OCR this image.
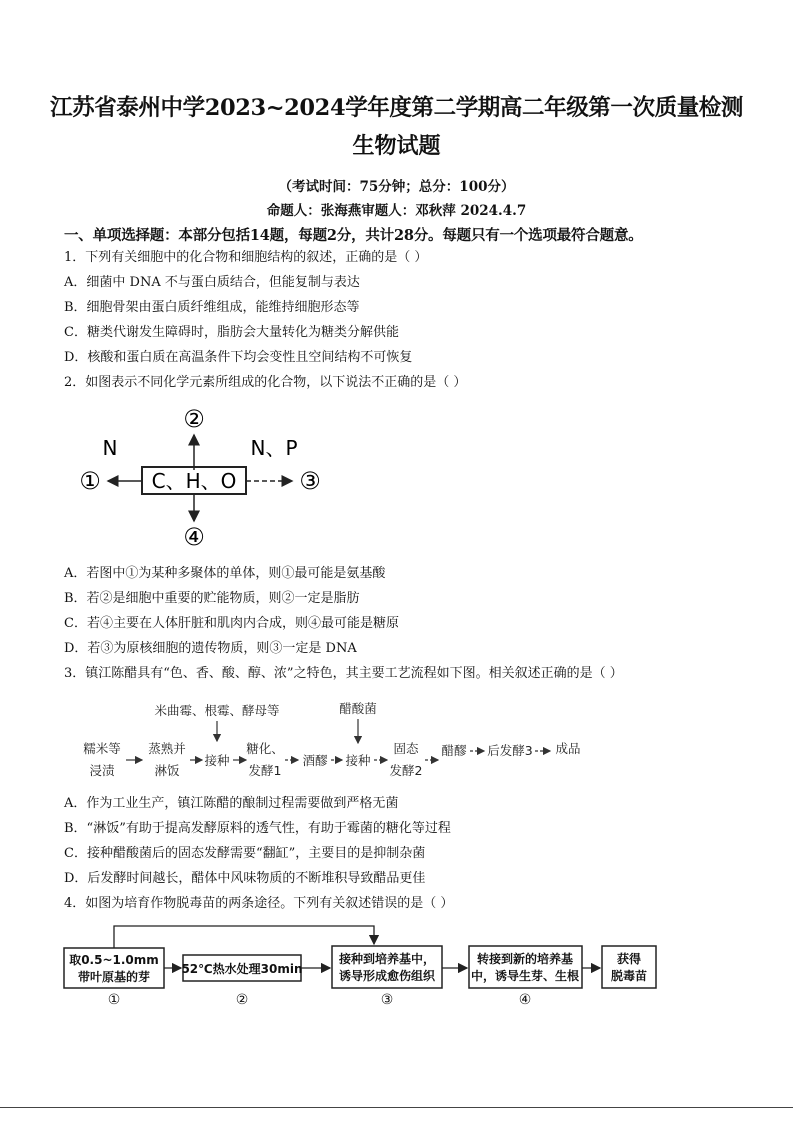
江苏省泰州中学2023~2024学年度第二学期高二年级第一次质量检测
生物试题
（考试时间：75分钟；总分：100分）
命题人：张海燕审题人：邓秋萍 2024.4.7
一、单项选择题：本部分包括14题，每题2分，共计28分。每题只有一个选项最符合题意。
1．下列有关细胞中的化合物和细胞结构的叙述，正确的是（ ）
A．细菌中 DNA 不与蛋白质结合，但能复制与表达
B．细胞骨架由蛋白质纤维组成，能维持细胞形态等
C．糖类代谢发生障碍时，脂肪会大量转化为糖类分解供能
D．核酸和蛋白质在高温条件下均会变性且空间结构不可恢复
2．如图表示不同化学元素所组成的化合物，以下说法不正确的是（ ）
②
N	N、P
C、H、O
①	③
④
A．若图中①为某种多聚体的单体，则①最可能是氨基酸
B．若②是细胞中重要的贮能物质，则②一定是脂肪
C．若④主要在人体肝脏和肌肉内合成，则④最可能是糖原
D．若③为原核细胞的遗传物质，则③一定是 DNA
3．镇江陈醋具有“色、香、酸、醇、浓”之特色，其主要工艺流程如下图。相关叙述正确的是（ ）
米曲霉、根霉、酵母等	醋酸菌
糯米等
浸渍
蒸熟并
淋饭
接种
糖化、
发酵1
酒醪 接种
固态
发酵2
醋醪 后发酵3 成品
A．作为工业生产，镇江陈醋的酿制过程需要做到严格无菌
B．“淋饭”有助于提高发酵原料的透气性，有助于霉菌的糖化等过程
C．接种醋酸菌后的固态发酵需要“翻缸”，主要目的是抑制杂菌
D．后发酵时间越长，醋体中风味物质的不断堆积导致醋品更佳
4．如图为培育作物脱毒苗的两条途径。下列有关叙述错误的是（ ）
取0.5~1.0mm
带叶原基的芽
①
52℃热水处理30min
②
接种到培养基中，
诱导形成愈伤组织
③
转接到新的培养基
中，诱导生芽、生根
④
获得
脱毒苗
